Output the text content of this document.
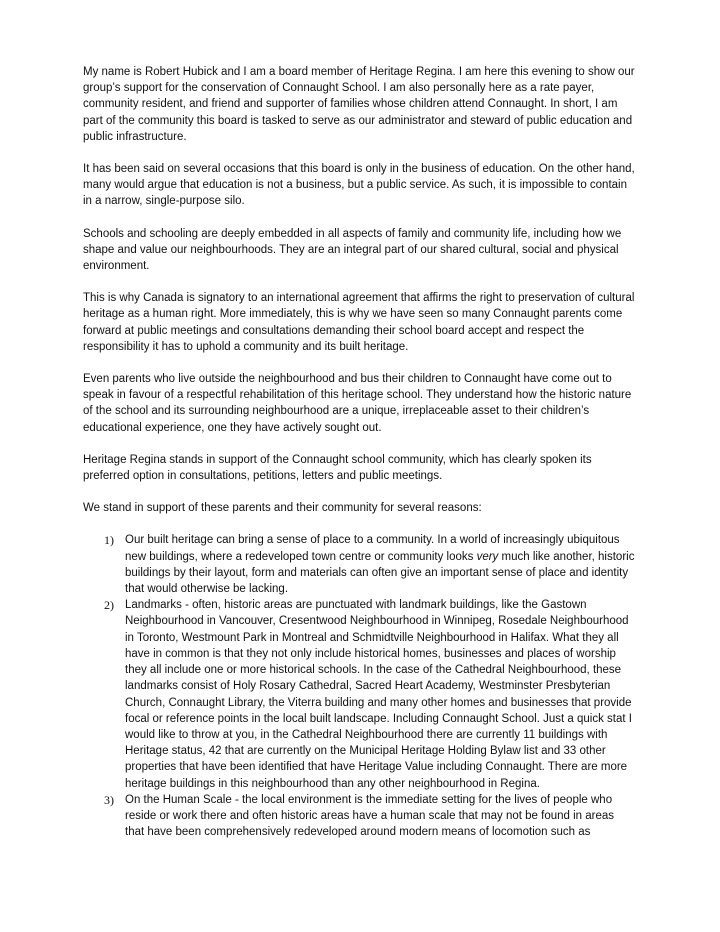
My name is Robert Hubick and I am a board member of Heritage Regina. I am here this evening to show our group’s support for the conservation of Connaught School. I am also personally here as a rate payer, community resident, and friend and supporter of families whose children attend Connaught. In short, I am part of the community this board is tasked to serve as our administrator and steward of public education and public infrastructure.

It has been said on several occasions that this board is only in the business of education. On the other hand, many would argue that education is not a business, but a public service. As such, it is impossible to contain in a narrow, single-purpose silo.

Schools and schooling are deeply embedded in all aspects of family and community life, including how we shape and value our neighbourhoods. They are an integral part of our shared cultural, social and physical environment.

This is why Canada is signatory to an international agreement that affirms the right to preservation of cultural heritage as a human right. More immediately, this is why we have seen so many Connaught parents come forward at public meetings and consultations demanding their school board accept and respect the responsibility it has to uphold a community and its built heritage.

Even parents who live outside the neighbourhood and bus their children to Connaught have come out to speak in favour of a respectful rehabilitation of this heritage school. They understand how the historic nature of the school and its surrounding neighbourhood are a unique, irreplaceable asset to their children’s educational experience, one they have actively sought out.

Heritage Regina stands in support of the Connaught school community, which has clearly spoken its preferred option in consultations, petitions, letters and public meetings.

We stand in support of these parents and their community for several reasons:

1) Our built heritage can bring a sense of place to a community. In a world of increasingly ubiquitous new buildings, where a redeveloped town centre or community looks very much like another, historic buildings by their layout, form and materials can often give an important sense of place and identity that would otherwise be lacking.
2) Landmarks - often, historic areas are punctuated with landmark buildings, like the Gastown Neighbourhood in Vancouver, Cresentwood Neighbourhood in Winnipeg, Rosedale Neighbourhood in Toronto, Westmount Park in Montreal and Schmidtville Neighbourhood in Halifax. What they all have in common is that they not only include historical homes, businesses and places of worship they all include one or more historical schools. In the case of the Cathedral Neighbourhood, these landmarks consist of Holy Rosary Cathedral, Sacred Heart Academy, Westminster Presbyterian Church, Connaught Library, the Viterra building and many other homes and businesses that provide focal or reference points in the local built landscape. Including Connaught School. Just a quick stat I would like to throw at you, in the Cathedral Neighbourhood there are currently 11 buildings with Heritage status, 42 that are currently on the Municipal Heritage Holding Bylaw list and 33 other properties that have been identified that have Heritage Value including Connaught. There are more heritage buildings in this neighbourhood than any other neighbourhood in Regina.
3) On the Human Scale - the local environment is the immediate setting for the lives of people who reside or work there and often historic areas have a human scale that may not be found in areas that have been comprehensively redeveloped around modern means of locomotion such as
